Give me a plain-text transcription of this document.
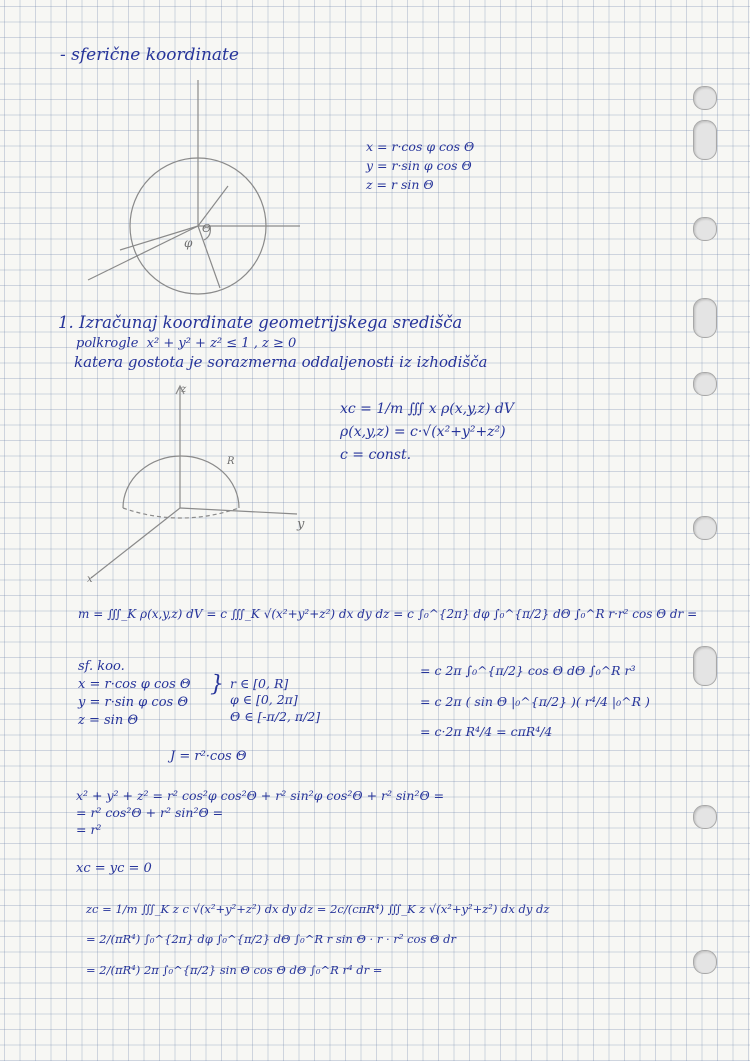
- sferične koordinate
φ
Θ
x = r·cos φ cos Θ
y = r·sin φ cos Θ
z = r sin Θ
1. Izračunaj koordinate geometrijskega središča
polkrogle  x² + y² + z² ≤ 1 , z ≥ 0
katera gostota je sorazmerna oddaljenosti iz izhodišča
z
y
x
R
xc = 1/m ∭ x ρ(x,y,z) dV
ρ(x,y,z) = c·√(x²+y²+z²)
c = const.
m = ∭_K ρ(x,y,z) dV = c ∭_K √(x²+y²+z²) dx dy dz = c ∫₀^{2π} dφ ∫₀^{π/2} dΘ ∫₀^R r·r² cos Θ dr =
sf. koo.
x = r·cos φ cos Θ
y = r·sin φ cos Θ
z = sin Θ
} r ∈ [0, R]
φ ∈ [0, 2π]
Θ ∈ [-π/2, π/2]
J = r²·cos Θ
= c 2π ∫₀^{π/2} cos Θ dΘ ∫₀^R r³
= c 2π ( sin Θ |₀^{π/2} )( r⁴/4 |₀^R )
= c·2π R⁴/4 = cπR⁴/4
x² + y² + z² = r² cos²φ cos²Θ + r² sin²φ cos²Θ + r² sin²Θ =
= r² cos²Θ + r² sin²Θ =
= r²
xc = yc = 0
zc = 1/m ∭_K z c √(x²+y²+z²) dx dy dz = 2c/(cπR⁴) ∭_K z √(x²+y²+z²) dx dy dz
= 2/(πR⁴) ∫₀^{2π} dφ ∫₀^{π/2} dΘ ∫₀^R r sin Θ · r · r² cos Θ dr
= 2/(πR⁴) 2π ∫₀^{π/2} sin Θ cos Θ dΘ ∫₀^R r⁴ dr =
